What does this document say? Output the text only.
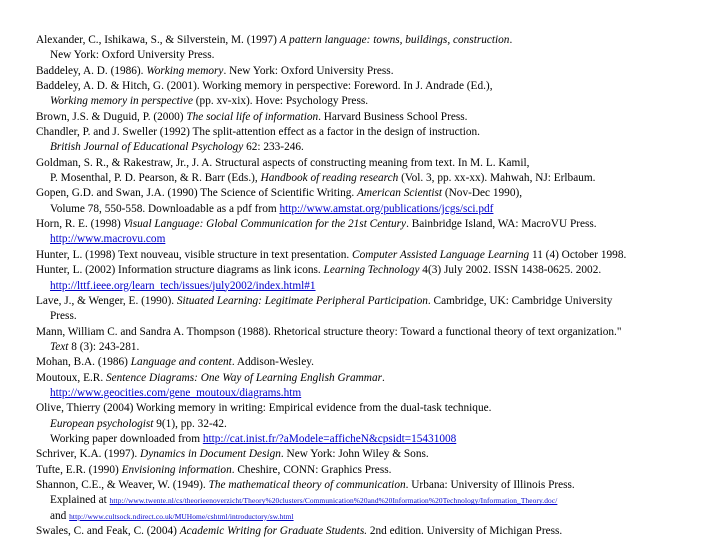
Alexander, C., Ishikawa, S., & Silverstein, M. (1997) A pattern language: towns, buildings, construction.
New York: Oxford University Press.
Baddeley, A. D. (1986). Working memory. New York: Oxford University Press.
Baddeley, A. D. & Hitch, G. (2001). Working memory in perspective: Foreword. In J. Andrade (Ed.),
Working memory in perspective (pp. xv-xix). Hove: Psychology Press.
Brown, J.S. & Duguid, P. (2000) The social life of information. Harvard Business School Press.
Chandler, P. and J. Sweller (1992) The split-attention effect as a factor in the design of instruction.
British Journal of Educational Psychology 62: 233-246.
Goldman, S. R., & Rakestraw, Jr., J. A. Structural aspects of constructing meaning from text. In M. L. Kamil,
P. Mosenthal, P. D. Pearson, & R. Barr (Eds.), Handbook of reading research (Vol. 3, pp. xx-xx). Mahwah, NJ: Erlbaum.
Gopen, G.D. and Swan, J.A. (1990) The Science of Scientific Writing. American Scientist (Nov-Dec 1990),
Volume 78, 550-558. Downloadable as a pdf from http://www.amstat.org/publications/jcgs/sci.pdf
Horn, R. E. (1998) Visual Language: Global Communication for the 21st Century. Bainbridge Island, WA: MacroVU Press.
http://www.macrovu.com
Hunter, L. (1998) Text nouveau, visible structure in text presentation. Computer Assisted Language Learning 11 (4) October 1998.
Hunter, L. (2002) Information structure diagrams as link icons. Learning Technology 4(3) July 2002. ISSN 1438-0625. 2002.
http://lttf.ieee.org/learn_tech/issues/july2002/index.html#1
Lave, J., & Wenger, E. (1990). Situated Learning: Legitimate Peripheral Participation. Cambridge, UK: Cambridge University
Press.
Mann, William C. and Sandra A. Thompson (1988). Rhetorical structure theory: Toward a functional theory of text organization."
Text 8 (3): 243-281.
Mohan, B.A. (1986) Language and content. Addison-Wesley.
Moutoux, E.R. Sentence Diagrams: One Way of Learning English Grammar.
http://www.geocities.com/gene_moutoux/diagrams.htm
Olive, Thierry (2004) Working memory in writing: Empirical evidence from the dual-task technique.
European psychologist 9(1), pp. 32-42.
Working paper downloaded from http://cat.inist.fr/?aModele=afficheN&cpsidt=15431008
Schriver, K.A. (1997). Dynamics in Document Design. New York: John Wiley & Sons.
Tufte, E.R. (1990) Envisioning information. Cheshire, CONN: Graphics Press.
Shannon, C.E., & Weaver, W. (1949). The mathematical theory of communication. Urbana: University of Illinois Press.
Explained at http://www.twente.nl/cs/theorieenoverzicht/Theory%20clusters/Communication%20and%20Information%20Technology/Information_Theory.doc/
and http://www.cultsock.ndirect.co.uk/MUHome/cshtml/introductory/sw.html
Swales, C. and Feak, C. (2004) Academic Writing for Graduate Students. 2nd edition. University of Michigan Press.
